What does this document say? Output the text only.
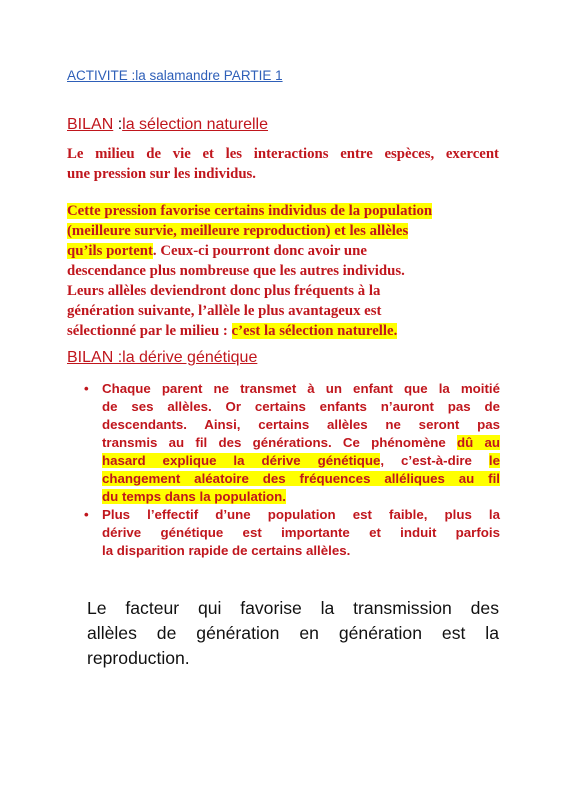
ACTIVITE :la salamandre PARTIE 1
BILAN :la sélection naturelle
Le milieu de vie et les interactions entre espèces, exercent
une pression sur les individus.
Cette pression favorise certains individus de la population
(meilleure survie, meilleure reproduction) et les allèles
qu’ils portent. Ceux-ci pourront donc avoir une
descendance plus nombreuse que les autres individus.
Leurs allèles deviendront donc plus fréquents à la
génération suivante, l’allèle le plus avantageux est
sélectionné par le milieu : c’est la sélection naturelle.
BILAN :la dérive génétique
• Chaque parent ne transmet à un enfant que la moitié
de ses allèles. Or certains enfants n’auront pas de
descendants. Ainsi, certains allèles ne seront pas
transmis au fil des générations. Ce phénomène dû au
hasard explique la dérive génétique, c’est-à-dire le
changement aléatoire des fréquences alléliques au fil
du temps dans la population.
• Plus l’effectif d’une population est faible, plus la
dérive génétique est importante et induit parfois
la disparition rapide de certains allèles.
Le facteur qui favorise la transmission des
allèles de génération en génération est la
reproduction.
